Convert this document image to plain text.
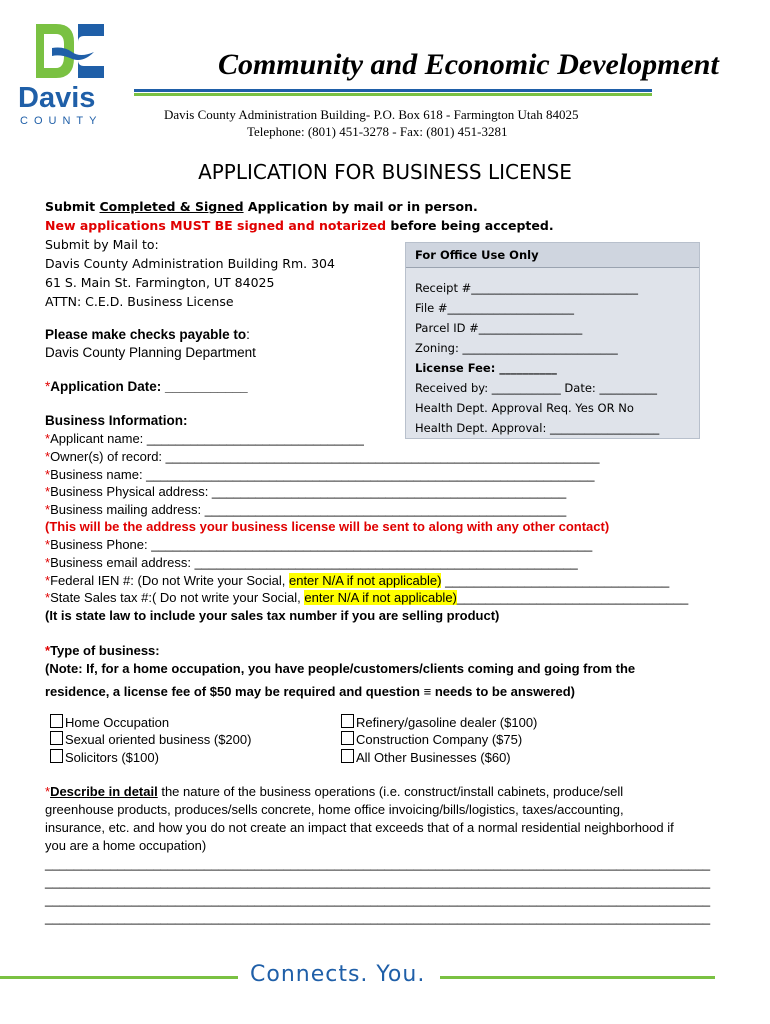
Davis
COUNTY
Community and Economic Development
Davis County Administration Building- P.O. Box 618 - Farmington Utah 84025
Telephone: (801) 451-3278 - Fax: (801) 451-3281
APPLICATION FOR BUSINESS LICENSE
Submit Completed & Signed Application by mail or in person.
New applications MUST BE signed and notarized before being accepted.
Submit by Mail to:
Davis County Administration Building Rm. 304
61 S. Main St. Farmington, UT 84025
ATTN: C.E.D. Business License
Please make checks payable to:
Davis County Planning Department
For Office Use Only
Receipt #_____________________________
File #______________________
Parcel ID #__________________
Zoning: ___________________________
License Fee: __________
Received by: ____________ Date: __________
Health Dept. Approval Req. Yes OR No
Health Dept. Approval: ___________________
*Application Date: ___________
Business Information:
*Applicant name: ______________________________
*Owner(s) of record: ____________________________________________________________
*Business name: ______________________________________________________________
*Business Physical address: _________________________________________________
*Business mailing address: __________________________________________________
(This will be the address your business license will be sent to along with any other contact)
*Business Phone: _____________________________________________________________
*Business email address: _____________________________________________________
*Federal IEN #: (Do not Write your Social, enter N/A if not applicable) _______________________________
*State Sales tax #:( Do not write your Social, enter N/A if not applicable)________________________________
(It is state law to include your sales tax number if you are selling product)
*Type of business:
(Note: If, for a home occupation, you have people/customers/clients coming and going from the
residence, a license fee of $50 may be required and question ≡ needs to be answered)
Home Occupation
Sexual oriented business ($200)
Solicitors ($100)
Refinery/gasoline dealer ($100)
Construction Company ($75)
All Other Businesses ($60)
*Describe in detail the nature of the business operations (i.e. construct/install cabinets, produce/sell
greenhouse products, produces/sells concrete, home office invoicing/bills/logistics, taxes/accounting,
insurance, etc. and how you do not create an impact that exceeds that of a normal residential neighborhood if
you are a home occupation)
____________________________________________________________________________________________
____________________________________________________________________________________________
____________________________________________________________________________________________
____________________________________________________________________________________________
Connects. You.
